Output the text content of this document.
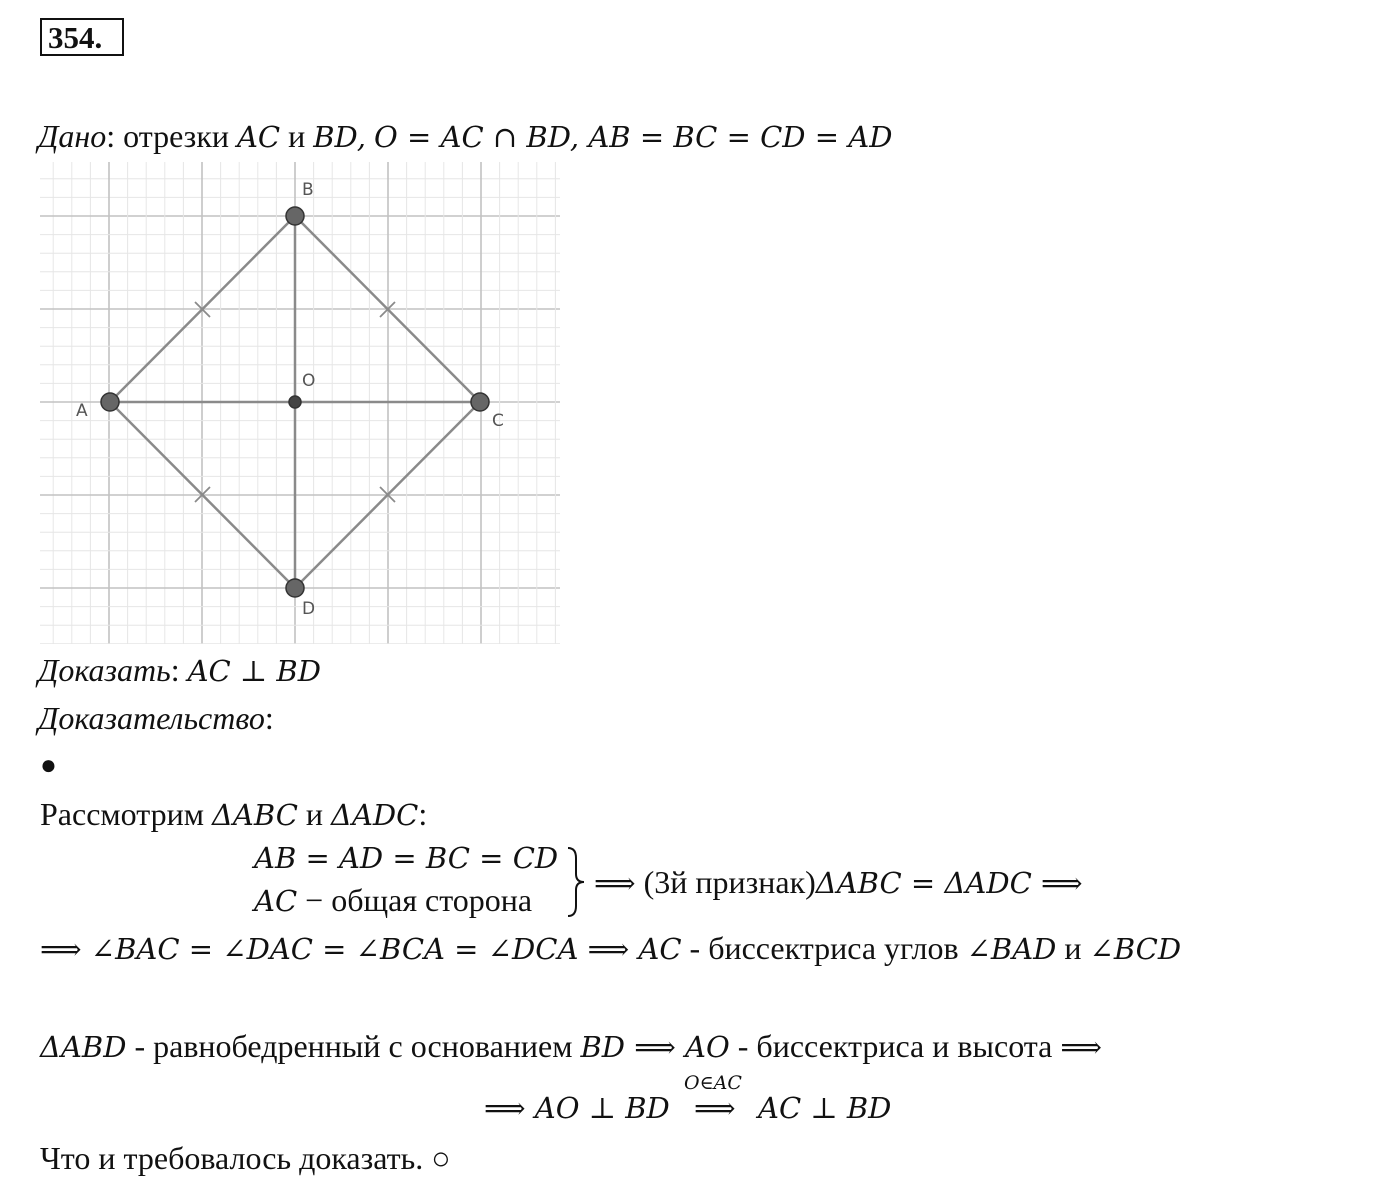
354.
Дано: отрезки AC и BD, O = AC ∩ BD, AB = BC = CD = AD
A
B
C
D
O
Доказать: AC ⊥ BD
Доказательство:
●
Рассмотрим ΔABC и ΔADC:
AB = AD = BC = CD
AC − общая сторона ⟹ (3й признак)ΔABC = ΔADC ⟹
⟹ ∠BAC = ∠DAC = ∠BCA = ∠DCA ⟹ AC - биссектриса углов ∠BAD и ∠BCD
ΔABD - равнобедренный с основанием BD ⟹ AO - биссектриса и высота ⟹
⟹ AO ⊥ BD
O∈AC
⟹ AC ⊥ BD
Что и требовалось доказать. ○
